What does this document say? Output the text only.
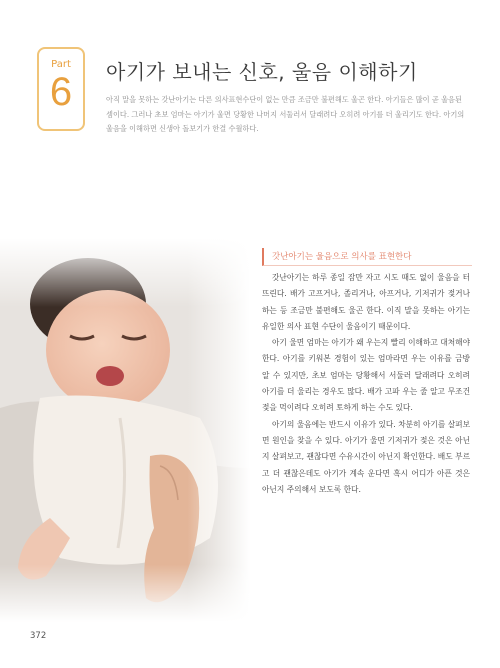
Part
6	아기가 보내는 신호, 울음 이해하기

아직 말을 못하는 갓난아기는 다른 의사표현수단이 없는 만큼 조금만 불편해도 울곤 한다. 아기들은 많이 곧 울음된 셈이다. 그러나 초보 엄마는 아기가 울면 당황한 나머지 서둘러서 달래려다 오히려 아기를 더 울리기도 한다. 아기의 울음을 이해하면 신생아 돌보기가 한결 수월하다.

갓난아기는 울음으로 의사를 표현한다

갓난아기는 하루 종일 잠만 자고 시도 때도 없이 울음을 터뜨린다. 배가 고프거나, 졸리거나, 아프거나, 기저귀가 젖거나 하는 등 조금만 불편해도 울곤 한다. 이직 말을 못하는 아기는 유일한 의사 표현 수단이 울음이기 때문이다.

아기 울면 엄마는 아기가 왜 우는지 빨리 이해하고 대처해야 한다. 아기를 키워본 경험이 있는 엄마라면 우는 이유를 금방 알 수 있지만, 초보 엄마는 당황해서 서둘러 달래려다 오히려 아기를 더 울리는 경우도 많다. 배가 고파 우는 줄 알고 무조건 젖을 먹이려다 오히려 토하게 하는 수도 있다.

아기의 울음에는 반드시 이유가 있다. 차분히 아기를 살펴보면 원인을 찾을 수 있다. 아기가 울면 기저귀가 젖은 것은 아닌지 살펴보고, 괜찮다면 수유시간이 아닌지 확인한다. 배도 부르고 더 괜찮은데도 아기가 계속 운다면 혹시 어디가 아픈 것은 아닌지 주의해서 보도록 한다.

372
